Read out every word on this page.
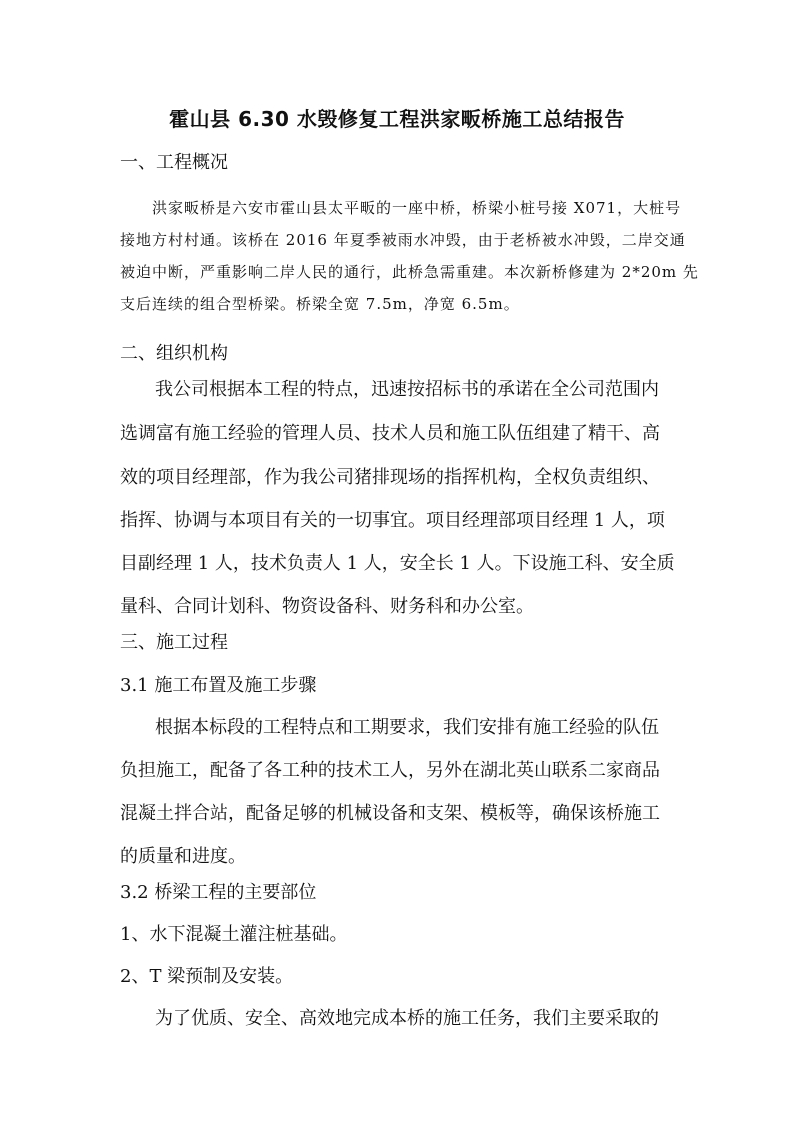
霍山县 6.30 水毁修复工程洪家畈桥施工总结报告
一、工程概况
洪家畈桥是六安市霍山县太平畈的一座中桥，桥梁小桩号接 X071，大桩号
接地方村村通。该桥在 2016 年夏季被雨水冲毁，由于老桥被水冲毁，二岸交通
被迫中断，严重影响二岸人民的通行，此桥急需重建。本次新桥修建为 2*20m 先
支后连续的组合型桥梁。桥梁全宽 7.5m，净宽 6.5m。
二、组织机构
我公司根据本工程的特点，迅速按招标书的承诺在全公司范围内
选调富有施工经验的管理人员、技术人员和施工队伍组建了精干、高
效的项目经理部，作为我公司猪排现场的指挥机构，全权负责组织、
指挥、协调与本项目有关的一切事宜。项目经理部项目经理 1 人，项
目副经理 1 人，技术负责人 1 人，安全长 1 人。下设施工科、安全质
量科、合同计划科、物资设备科、财务科和办公室。
三、施工过程
3.1 施工布置及施工步骤
根据本标段的工程特点和工期要求，我们安排有施工经验的队伍
负担施工，配备了各工种的技术工人，另外在湖北英山联系二家商品
混凝土拌合站，配备足够的机械设备和支架、模板等，确保该桥施工
的质量和进度。
3.2 桥梁工程的主要部位
1、水下混凝土灌注桩基础。
2、T 梁预制及安装。
为了优质、安全、高效地完成本桥的施工任务，我们主要采取的
